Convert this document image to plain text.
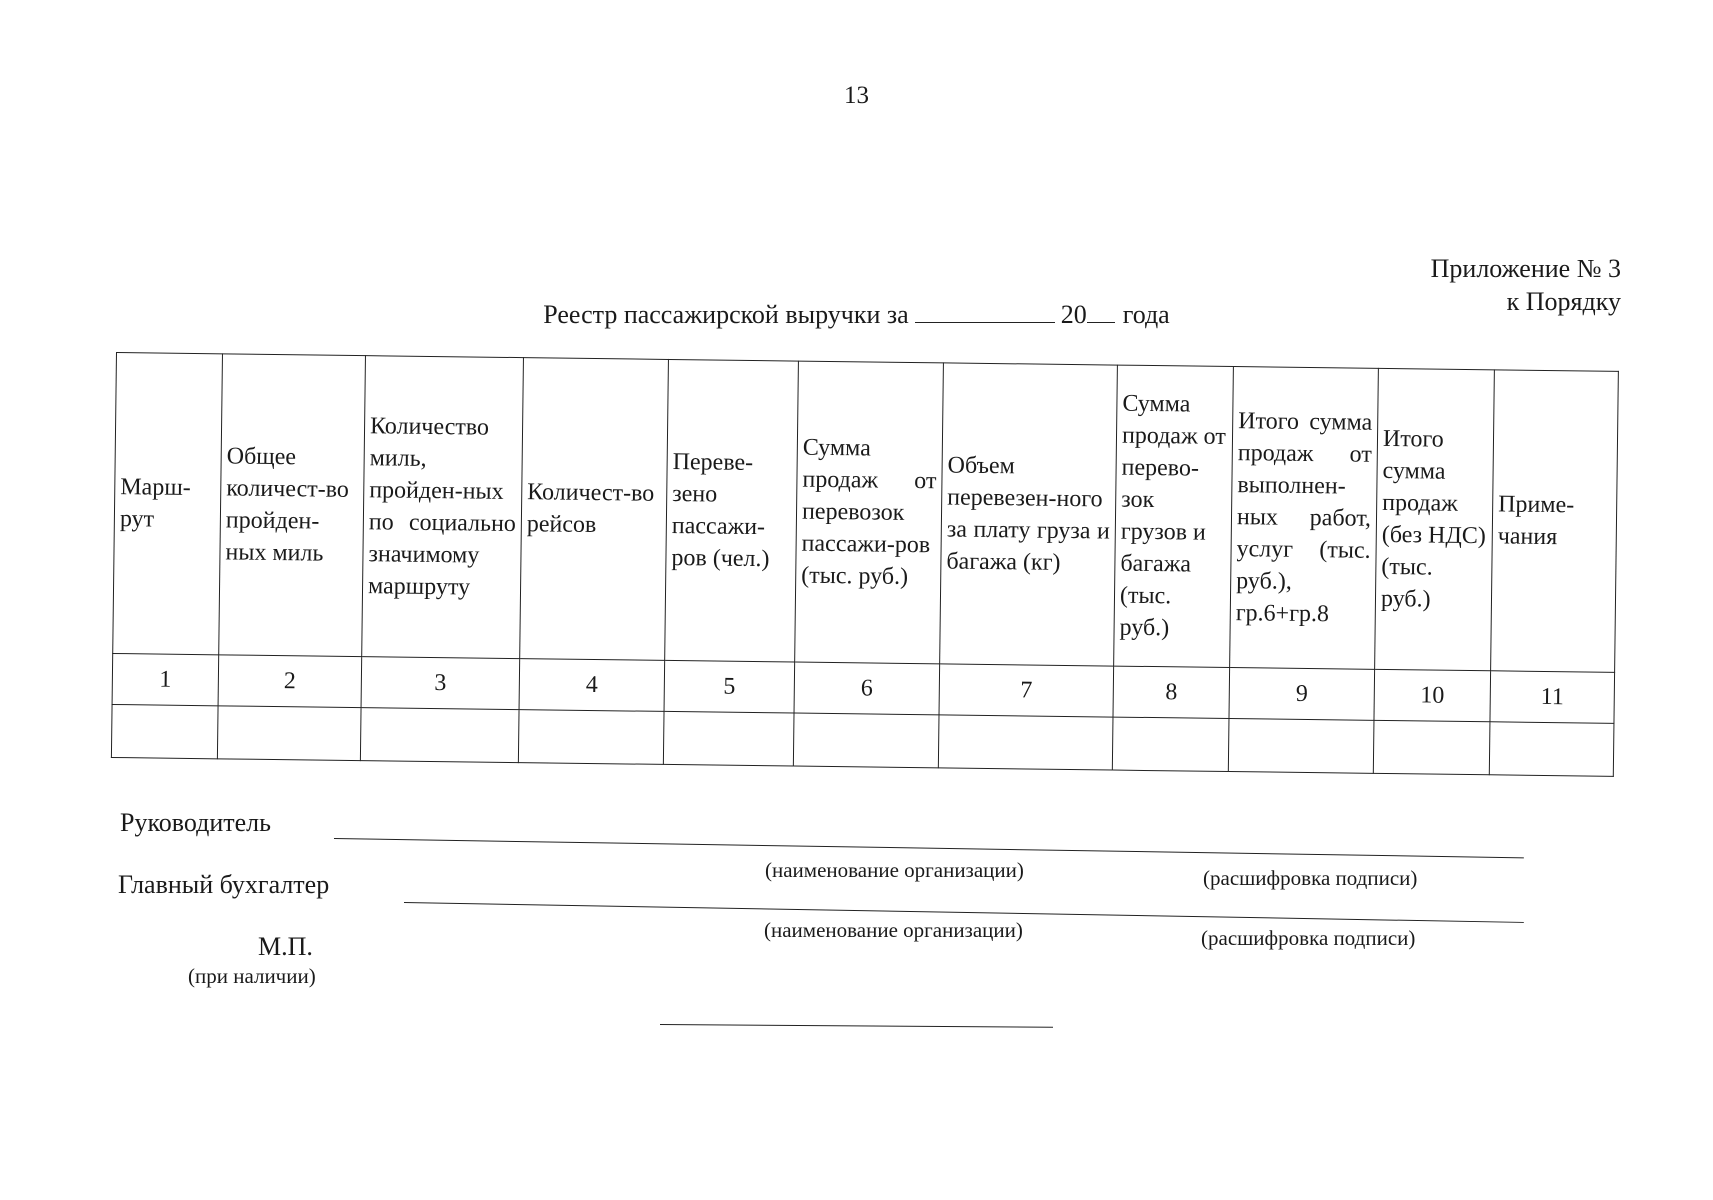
13
Приложение № 3
к Порядку
Реестр пассажирской выручки за	20 года
Марш-рут	Общее количест-во пройден-ных миль	Количество миль, пройден-ных по социально значимому маршруту	Количест-во рейсов	Переве-зено пассажи-ров (чел.)	Сумма продаж от перевозок пассажи-ров (тыс. руб.)	Объем перевезен-ного за плату груза и багажа (кг)	Сумма продаж от перево-зок грузов и багажа (тыс. руб.)	Итого сумма продаж от выполнен-ных работ, услуг (тыс. руб.), гр.6+гр.8	Итого сумма продаж (без НДС) (тыс. руб.)	Приме-чания
1	2	3	4	5	6	7	8	9	10	11

Руководитель
(наименование организации)	(расшифровка подписи)
Главный бухгалтер
(наименование организации)	(расшифровка подписи)
М.П.
(при наличии)
